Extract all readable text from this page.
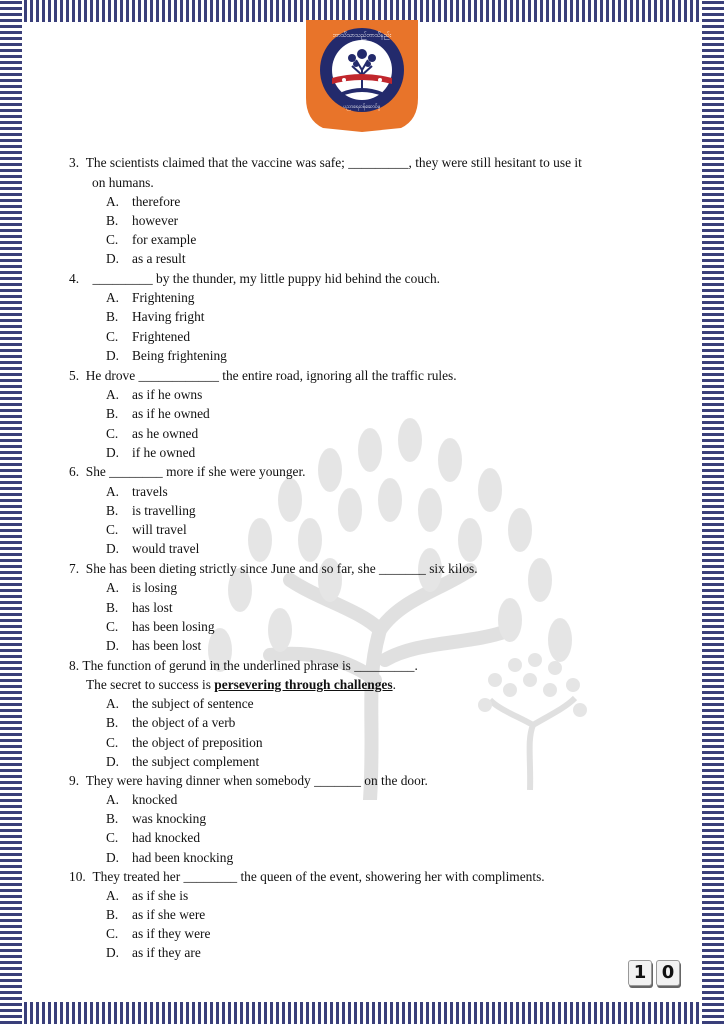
ဘာသိသာသည်ဘာသိနည်း
ပညာရေးဝန်ဆောင်မှု
3. The scientists claimed that the vaccine was safe; _________, they were still hesitant to use it
on humans.
A. therefore
B. however
C. for example
D. as a result
4. _________ by the thunder, my little puppy hid behind the couch.
A. Frightening
B. Having fright
C. Frightened
D. Being frightening
5. He drove ____________ the entire road, ignoring all the traffic rules.
A. as if he owns
B. as if he owned
C. as he owned
D. if he owned
6. She ________ more if she were younger.
A. travels
B. is travelling
C. will travel
D. would travel
7. She has been dieting strictly since June and so far, she _______ six kilos.
A. is losing
B. has lost
C. has been losing
D. has been lost
8. The function of gerund in the underlined phrase is _________.
The secret to success is persevering through challenges.
A. the subject of sentence
B. the object of a verb
C. the object of preposition
D. the subject complement
9. They were having dinner when somebody _______ on the door.
A. knocked
B. was knocking
C. had knocked
D. had been knocking
10. They treated her ________ the queen of the event, showering her with compliments.
A. as if she is
B. as if she were
C. as if they were
D. as if they are
1 0
